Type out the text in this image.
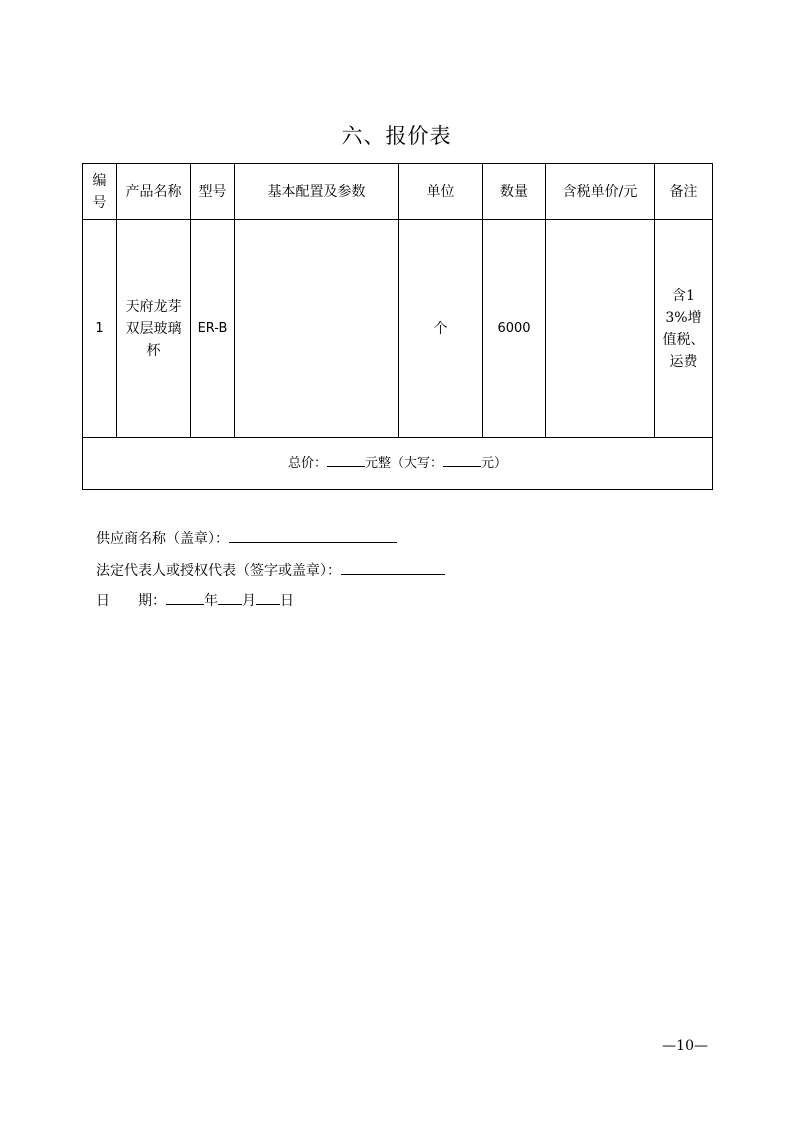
六、报价表
编号	产品名称	型号	基本配置及参数	单位	数量	含税单价/元	备注
1	天府龙芽双层玻璃杯	ER-B		个	6000		含13%增值税、运费
总价： 元整（大写： 元）							
供应商名称（盖章）：
法定代表人或授权代表（签字或盖章）：
日　　期：	年 月 日
—10—
